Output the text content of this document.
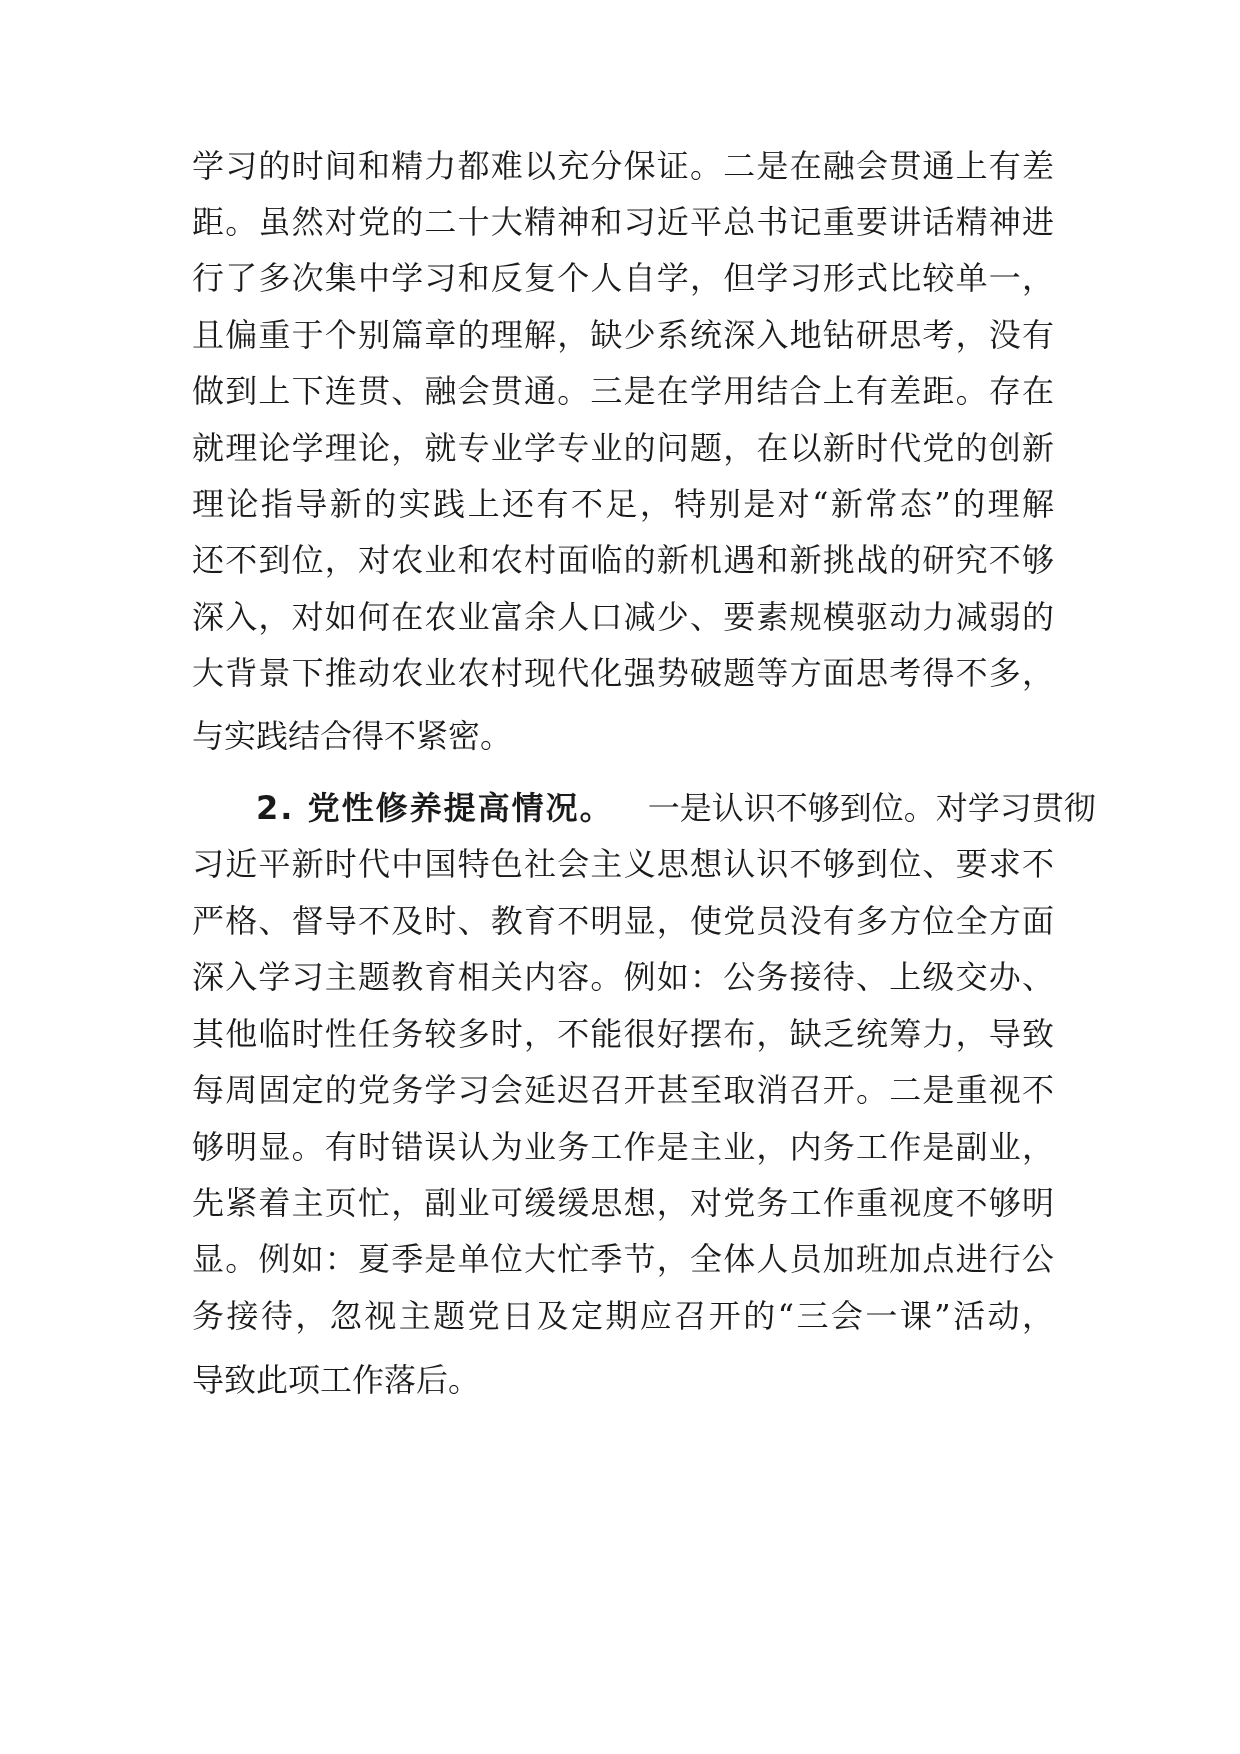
学习的时间和精力都难以充分保证。二是在融会贯通上有差
距。虽然对党的二十大精神和习近平总书记重要讲话精神进
行了多次集中学习和反复个人自学，但学习形式比较单一，
且偏重于个别篇章的理解，缺少系统深入地钻研思考，没有
做到上下连贯、融会贯通。三是在学用结合上有差距。存在
就理论学理论，就专业学专业的问题，在以新时代党的创新
理论指导新的实践上还有不足，特别是对“新常态”的理解
还不到位，对农业和农村面临的新机遇和新挑战的研究不够
深入，对如何在农业富余人口减少、要素规模驱动力减弱的
大背景下推动农业农村现代化强势破题等方面思考得不多，
与实践结合得不紧密。
2. 党性修养提高情况。 一是认识不够到位。对学习贯彻
习近平新时代中国特色社会主义思想认识不够到位、要求不
严格、督导不及时、教育不明显，使党员没有多方位全方面
深入学习主题教育相关内容。例如：公务接待、上级交办、
其他临时性任务较多时，不能很好摆布，缺乏统筹力，导致
每周固定的党务学习会延迟召开甚至取消召开。二是重视不
够明显。有时错误认为业务工作是主业，内务工作是副业，
先紧着主页忙，副业可缓缓思想，对党务工作重视度不够明
显。例如：夏季是单位大忙季节，全体人员加班加点进行公
务接待，忽视主题党日及定期应召开的“三会一课”活动，
导致此项工作落后。
